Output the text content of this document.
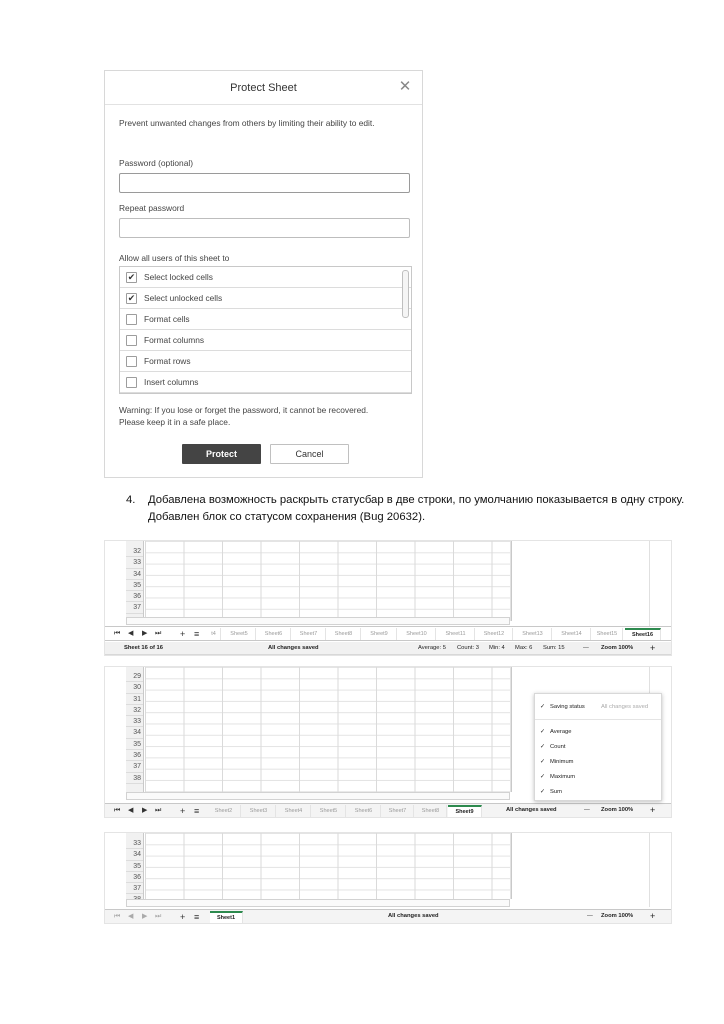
Protect Sheet	✕
Prevent unwanted changes from others by limiting their ability to edit.
Password (optional)
Repeat password
Allow all users of this sheet to
✔ Select locked cells
✔ Select unlocked cells
Format cells
Format columns
Format rows
Insert columns
Warning: If you lose or forget the password, it cannot be recovered. Please keep it in a safe place.
Protect	Cancel
4. Добавлена возможность раскрыть статусбар в две строки, по умолчанию показывается в одну строку. Добавлен блок со статусом сохранения (Bug 20632).
32
33
34
35
36
37
⏮ ◀ ▶ ⏭ + ≡	t4	Sheet5	Sheet6	Sheet7	Sheet8	Sheet9	Sheet10	Sheet11	Sheet12	Sheet13	Sheet14	Sheet15	Sheet16
Sheet 16 of 16	All changes saved	Average: 5 Count: 3 Min: 4 Max: 6 Sum: 15	— Zoom 100% +
29
30
31
32
33
34
35
36
37
38
⏮ ◀ ▶ ⏭ + ≡	Sheet2	Sheet3	Sheet4	Sheet5	Sheet6	Sheet7	Sheet8	Sheet9	All changes saved	— Zoom 100% +
✓ Saving status	All changes saved
✓ Average
✓ Count
✓ Minimum
✓ Maximum
✓ Sum
33
34
35
36
37
⏮ ◀ ▶ ⏭ + ≡	Sheet1	All changes saved	— Zoom 100% +
